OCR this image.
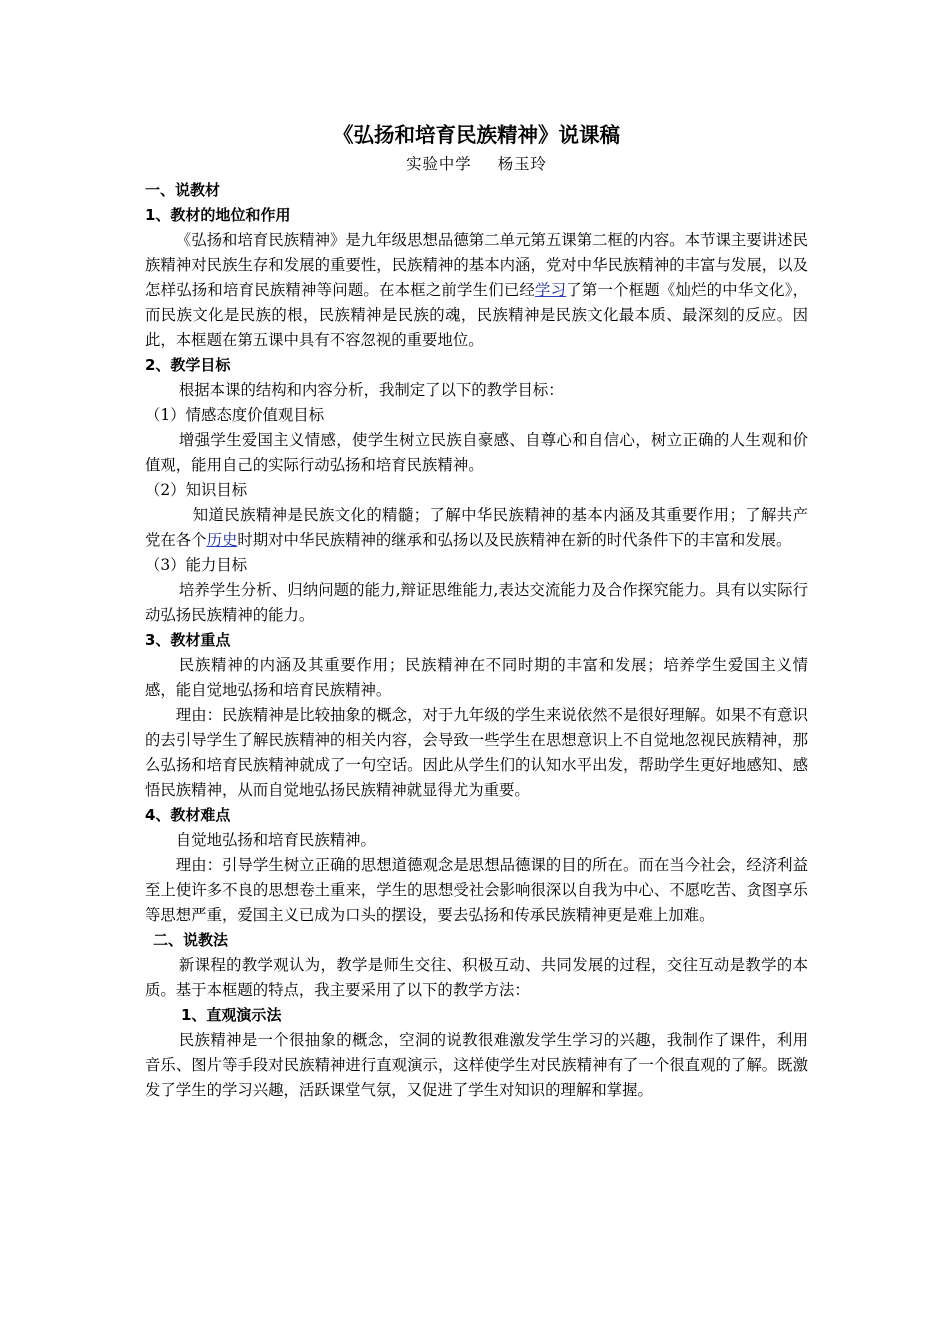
《弘扬和培育民族精神》说课稿

实验中学 杨玉玲

一、说教材

1、教材的地位和作用

《弘扬和培育民族精神》是九年级思想品德第二单元第五课第二框的内容。本节课主要讲述民族精神对民族生存和发展的重要性，民族精神的基本内涵，党对中华民族精神的丰富与发展，以及怎样弘扬和培育民族精神等问题。在本框之前学生们已经学习了第一个框题《灿烂的中华文化》，而民族文化是民族的根，民族精神是民族的魂，民族精神是民族文化最本质、最深刻的反应。因此，本框题在第五课中具有不容忽视的重要地位。

2、教学目标

根据本课的结构和内容分析，我制定了以下的教学目标：

（1）情感态度价值观目标

增强学生爱国主义情感，使学生树立民族自豪感、自尊心和自信心，树立正确的人生观和价值观，能用自己的实际行动弘扬和培育民族精神。

（2）知识目标

知道民族精神是民族文化的精髓；了解中华民族精神的基本内涵及其重要作用；了解共产党在各个历史时期对中华民族精神的继承和弘扬以及民族精神在新的时代条件下的丰富和发展。

（3）能力目标

培养学生分析、归纳问题的能力,辩证思维能力,表达交流能力及合作探究能力。具有以实际行动弘扬民族精神的能力。

3、教材重点

民族精神的内涵及其重要作用；民族精神在不同时期的丰富和发展；培养学生爱国主义情感，能自觉地弘扬和培育民族精神。

理由：民族精神是比较抽象的概念，对于九年级的学生来说依然不是很好理解。如果不有意识的去引导学生了解民族精神的相关内容，会导致一些学生在思想意识上不自觉地忽视民族精神，那么弘扬和培育民族精神就成了一句空话。因此从学生们的认知水平出发，帮助学生更好地感知、感悟民族精神，从而自觉地弘扬民族精神就显得尤为重要。

4、教材难点

自觉地弘扬和培育民族精神。

理由：引导学生树立正确的思想道德观念是思想品德课的目的所在。而在当今社会，经济利益至上使许多不良的思想卷土重来，学生的思想受社会影响很深以自我为中心、不愿吃苦、贪图享乐等思想严重，爱国主义已成为口头的摆设，要去弘扬和传承民族精神更是难上加难。

二、说教法

新课程的教学观认为，教学是师生交往、积极互动、共同发展的过程，交往互动是教学的本质。基于本框题的特点，我主要采用了以下的教学方法：

1、直观演示法

民族精神是一个很抽象的概念，空洞的说教很难激发学生学习的兴趣，我制作了课件，利用音乐、图片等手段对民族精神进行直观演示，这样使学生对民族精神有了一个很直观的了解。既激发了学生的学习兴趣，活跃课堂气氛，又促进了学生对知识的理解和掌握。
